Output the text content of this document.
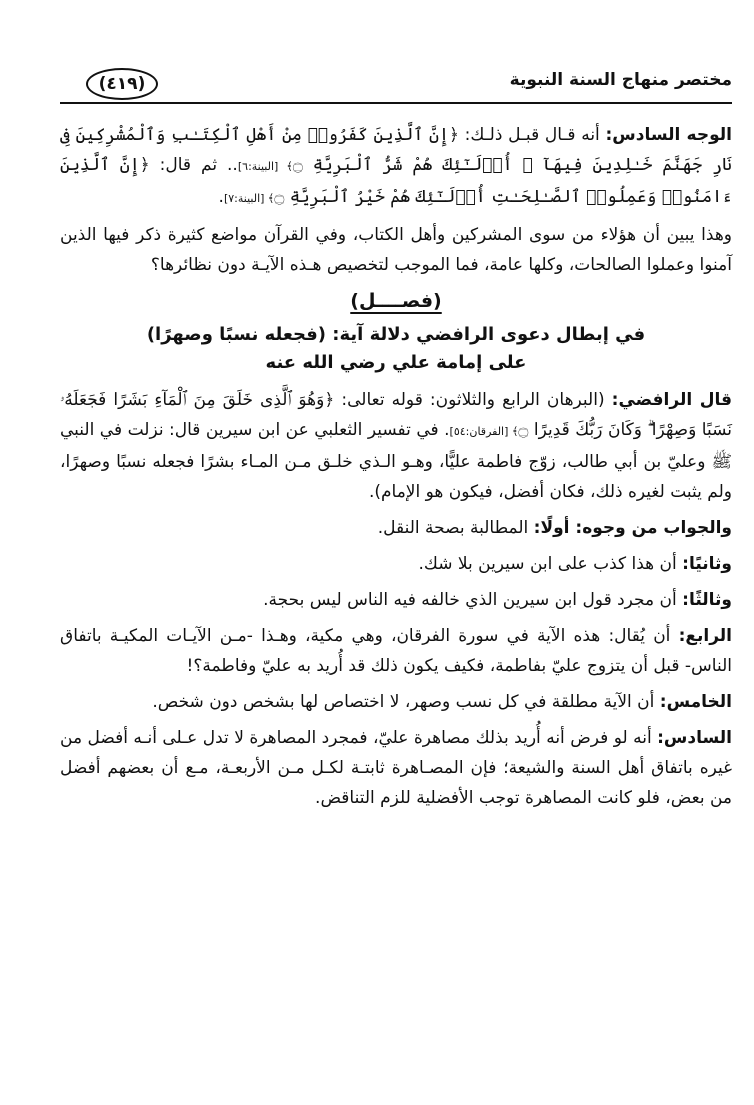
مختصر منهاج السنة النبوية
(٤١٩)

الوجه السادس: أنه قـال قبـل ذلـك: ﴿إِنَّ ٱلَّذِينَ كَفَرُوا۟ مِنْ أَهْلِ ٱلْكِتَـٰبِ وَٱلْمُشْرِكِينَ فِى نَارِ جَهَنَّمَ خَـٰلِدِينَ فِيهَآ ۚ أُو۟لَـٰٓئِكَ هُمْ شَرُّ ٱلْبَرِيَّةِ ۝﴾ [البينة:٦].. ثم قال: ﴿إِنَّ ٱلَّذِينَ ءَامَنُوا۟ وَعَمِلُوا۟ ٱلصَّـٰلِحَـٰتِ أُو۟لَـٰٓئِكَ هُمْ خَيْرُ ٱلْبَرِيَّةِ ۝﴾ [البينة:٧].

وهذا يبين أن هؤلاء من سوى المشركين وأهل الكتاب، وفي القرآن مواضع كثيرة ذكر فيها الذين آمنوا وعملوا الصالحات، وكلها عامة، فما الموجب لتخصيص هـذه الآيـة دون نظائرها؟

(فصــــل)

في إبطال دعوى الرافضي دلالة آية: (فجعله نسبًا وصهرًا)

على إمامة علي رضي الله عنه

قال الرافضي: (البرهان الرابع والثلاثون: قوله تعالى: ﴿وَهُوَ ٱلَّذِى خَلَقَ مِنَ ٱلْمَآءِ بَشَرًا فَجَعَلَهُۥ نَسَبًا وَصِهْرًا ۗ وَكَانَ رَبُّكَ قَدِيرًا ۝﴾ [الفرقان:٥٤]. في تفسير الثعلبي عن ابن سيرين قال: نزلت في النبي ﷺ وعليّ بن أبي طالب، زوّج فاطمة عليًّا، وهـو الـذي خلـق مـن المـاء بشرًا فجعله نسبًا وصهرًا، ولم يثبت لغيره ذلك، فكان أفضل، فيكون هو الإمام).

والجواب من وجوه: أولًا: المطالبة بصحة النقل.

وثانيًا: أن هذا كذب على ابن سيرين بلا شك.

وثالثًا: أن مجرد قول ابن سيرين الذي خالفه فيه الناس ليس بحجة.

الرابع: أن يُقال: هذه الآية في سورة الفرقان، وهي مكية، وهـذا -مـن الآيـات المكيـة باتفاق الناس- قبل أن يتزوج عليّ بفاطمة، فكيف يكون ذلك قد أُريد به عليّ وفاطمة؟!

الخامس: أن الآية مطلقة في كل نسب وصهر، لا اختصاص لها بشخص دون شخص.

السادس: أنه لو فرض أنه أُريد بذلك مصاهرة عليّ، فمجرد المصاهرة لا تدل عـلى أنـه أفضل من غيره باتفاق أهل السنة والشيعة؛ فإن المصـاهرة ثابتـة لكـل مـن الأربعـة، مـع أن بعضهم أفضل من بعض، فلو كانت المصاهرة توجب الأفضلية للزم التناقض.
